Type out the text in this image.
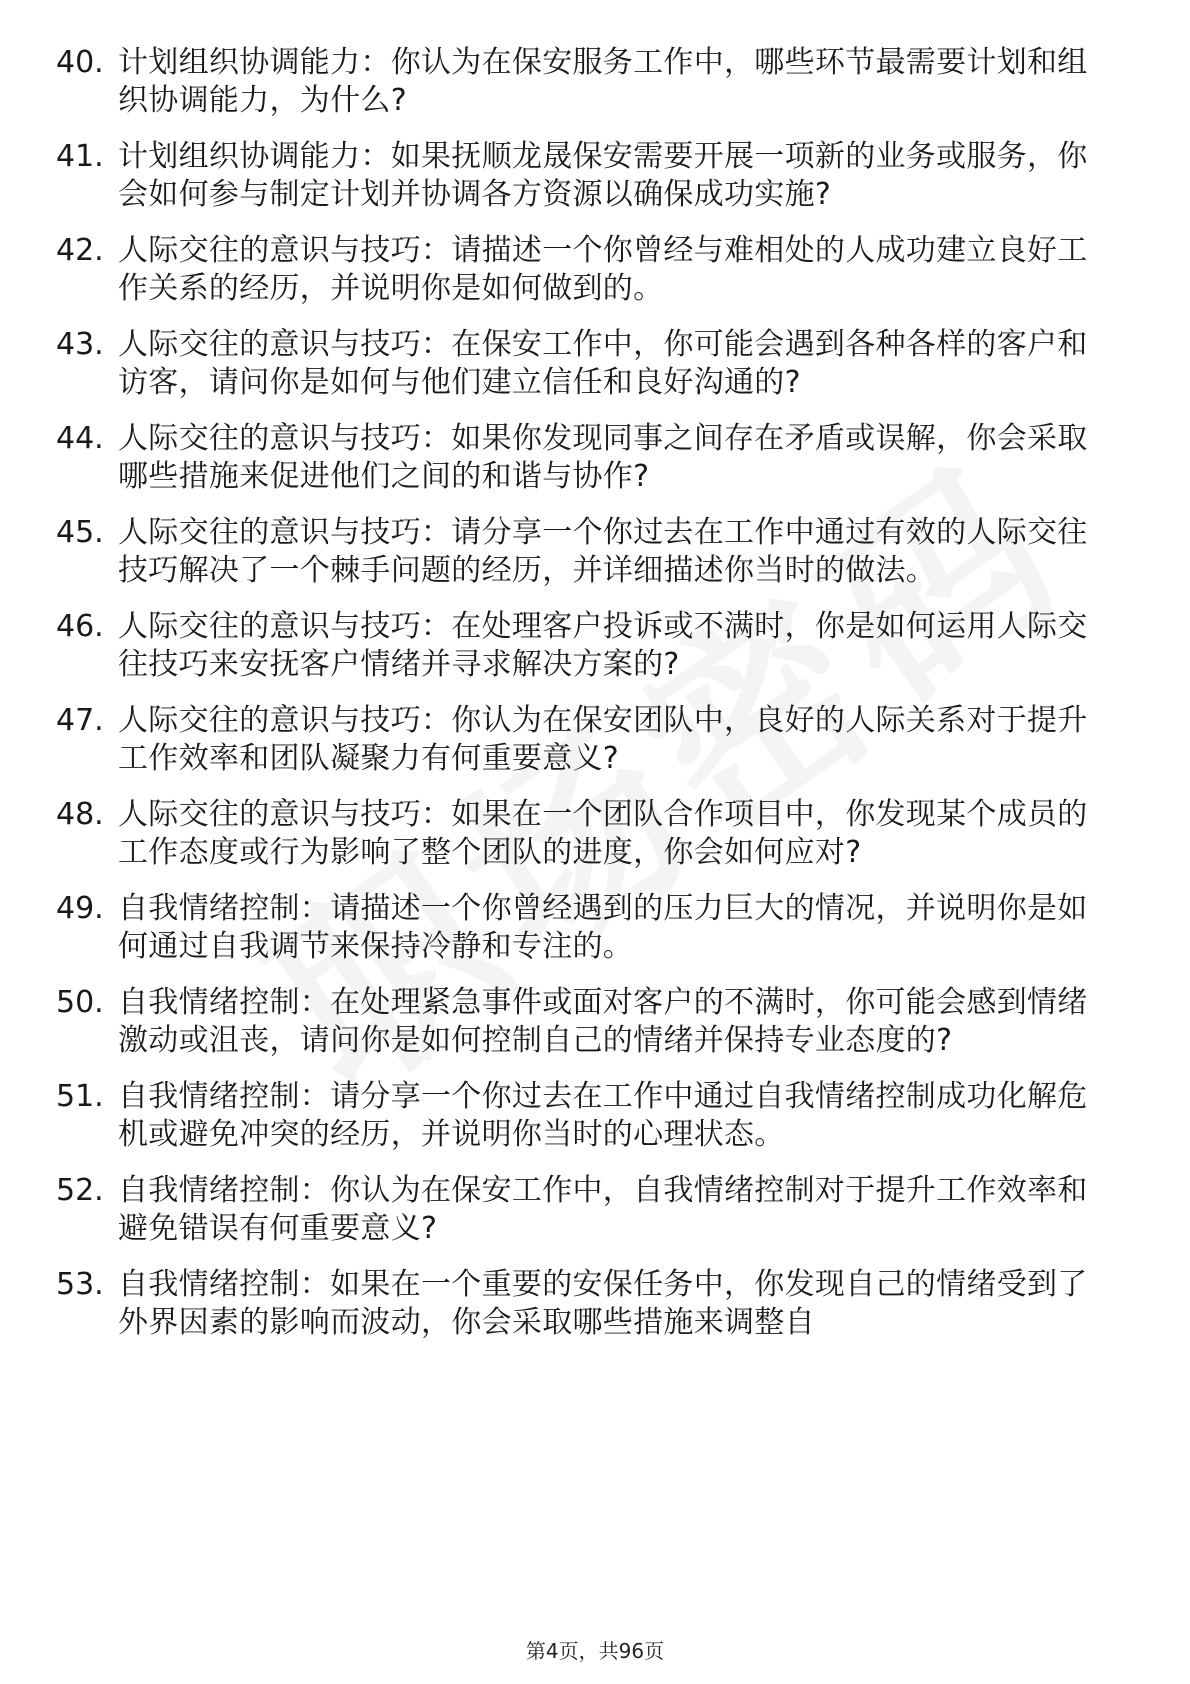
40. 计划组织协调能力：你认为在保安服务工作中，哪些环节最需要计划和组织协调能力，为什么?
41. 计划组织协调能力：如果抚顺龙晟保安需要开展一项新的业务或服务，你会如何参与制定计划并协调各方资源以确保成功实施?
42. 人际交往的意识与技巧：请描述一个你曾经与难相处的人成功建立良好工作关系的经历，并说明你是如何做到的。
43. 人际交往的意识与技巧：在保安工作中，你可能会遇到各种各样的客户和访客，请问你是如何与他们建立信任和良好沟通的?
44. 人际交往的意识与技巧：如果你发现同事之间存在矛盾或误解，你会采取哪些措施来促进他们之间的和谐与协作?
45. 人际交往的意识与技巧：请分享一个你过去在工作中通过有效的人际交往技巧解决了一个棘手问题的经历，并详细描述你当时的做法。
46. 人际交往的意识与技巧：在处理客户投诉或不满时，你是如何运用人际交往技巧来安抚客户情绪并寻求解决方案的?
47. 人际交往的意识与技巧：你认为在保安团队中，良好的人际关系对于提升工作效率和团队凝聚力有何重要意义?
48. 人际交往的意识与技巧：如果在一个团队合作项目中，你发现某个成员的工作态度或行为影响了整个团队的进度，你会如何应对?
49. 自我情绪控制：请描述一个你曾经遇到的压力巨大的情况，并说明你是如何通过自我调节来保持冷静和专注的。
50. 自我情绪控制：在处理紧急事件或面对客户的不满时，你可能会感到情绪激动或沮丧，请问你是如何控制自己的情绪并保持专业态度的?
51. 自我情绪控制：请分享一个你过去在工作中通过自我情绪控制成功化解危机或避免冲突的经历，并说明你当时的心理状态。
52. 自我情绪控制：你认为在保安工作中，自我情绪控制对于提升工作效率和避免错误有何重要意义?
53. 自我情绪控制：如果在一个重要的安保任务中，你发现自己的情绪受到了外界因素的影响而波动，你会采取哪些措施来调整自
第4页，共96页
